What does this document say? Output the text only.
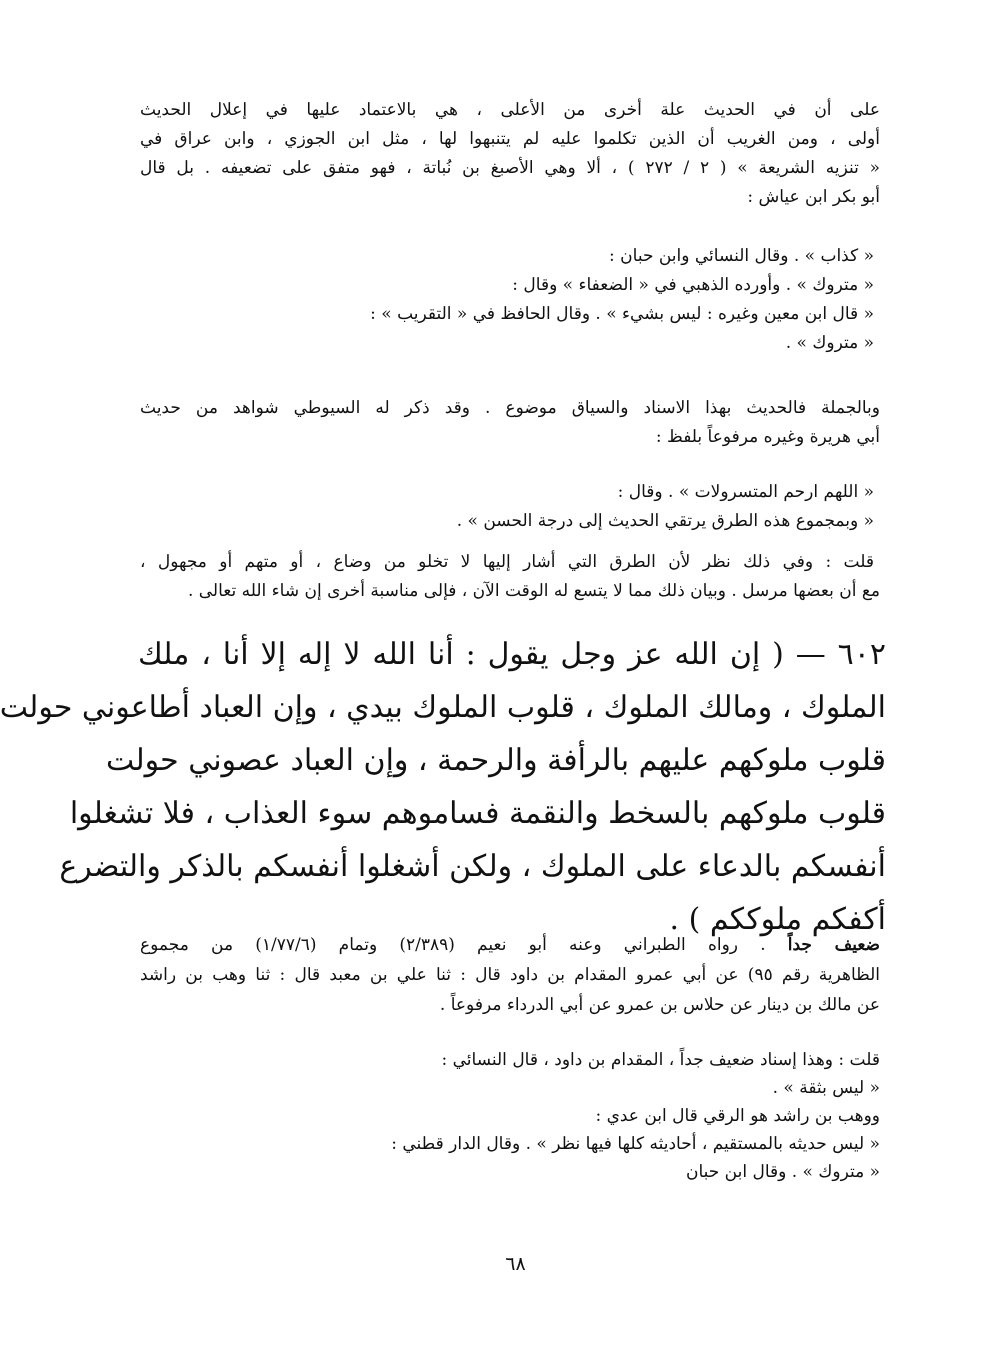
على أن في الحديث علة أخرى من الأعلى ، هي بالاعتماد عليها في إعلال الحديث
أولى ، ومن الغريب أن الذين تكلموا عليه لم يتنبهوا لها ، مثل ابن الجوزي ، وابن عراق في
« تنزيه الشريعة » ( ٢ / ٢٧٢ ) ، ألا وهي الأصبغ بن نُباتة ، فهو متفق على تضعيفه . بل قال
أبو بكر ابن عياش :
« كذاب » . وقال النسائي وابن حبان :
« متروك » . وأورده الذهبي في « الضعفاء » وقال :
« قال ابن معين وغيره : ليس بشيء » . وقال الحافظ في « التقريب » :
« متروك » .
وبالجملة فالحديث بهذا الاسناد والسياق موضوع . وقد ذكر له السيوطي شواهد من حديث
أبي هريرة وغيره مرفوعاً بلفظ :
« اللهم ارحم المتسرولات » . وقال :
« وبمجموع هذه الطرق يرتقي الحديث إلى درجة الحسن » .
قلت : وفي ذلك نظر لأن الطرق التي أشار إليها لا تخلو من وضاع ، أو متهم أو مجهول ،
مع أن بعضها مرسل . وبيان ذلك مما لا يتسع له الوقت الآن ، فإلى مناسبة أخرى إن شاء الله تعالى .
٦٠٢ — ( إن الله عز وجل يقول : أنا الله لا إله إلا أنا ، ملك
الملوك ، ومالك الملوك ، قلوب الملوك بيدي ، وإن العباد أطاعوني حولت
قلوب ملوكهم عليهم بالرأفة والرحمة ، وإن العباد عصوني حولت
قلوب ملوكهم بالسخط والنقمة فساموهم سوء العذاب ، فلا تشغلوا
أنفسكم بالدعاء على الملوك ، ولكن أشغلوا أنفسكم بالذكر والتضرع
أكفكم ملوككم ) .
ضعيف جداً . رواه الطبراني وعنه أبو نعيم (٢/٣٨٩) وتمام (١/٧٧/٦) من مجموع
الظاهرية رقم ٩٥) عن أبي عمرو المقدام بن داود قال : ثنا علي بن معبد قال : ثنا وهب بن راشد
عن مالك بن دينار عن حلاس بن عمرو عن أبي الدرداء مرفوعاً .
قلت : وهذا إسناد ضعيف جداً ، المقدام بن داود ، قال النسائي :
« ليس بثقة » .
ووهب بن راشد هو الرقي قال ابن عدي :
« ليس حديثه بالمستقيم ، أحاديثه كلها فيها نظر » . وقال الدار قطني :
« متروك » . وقال ابن حبان
٦٨
